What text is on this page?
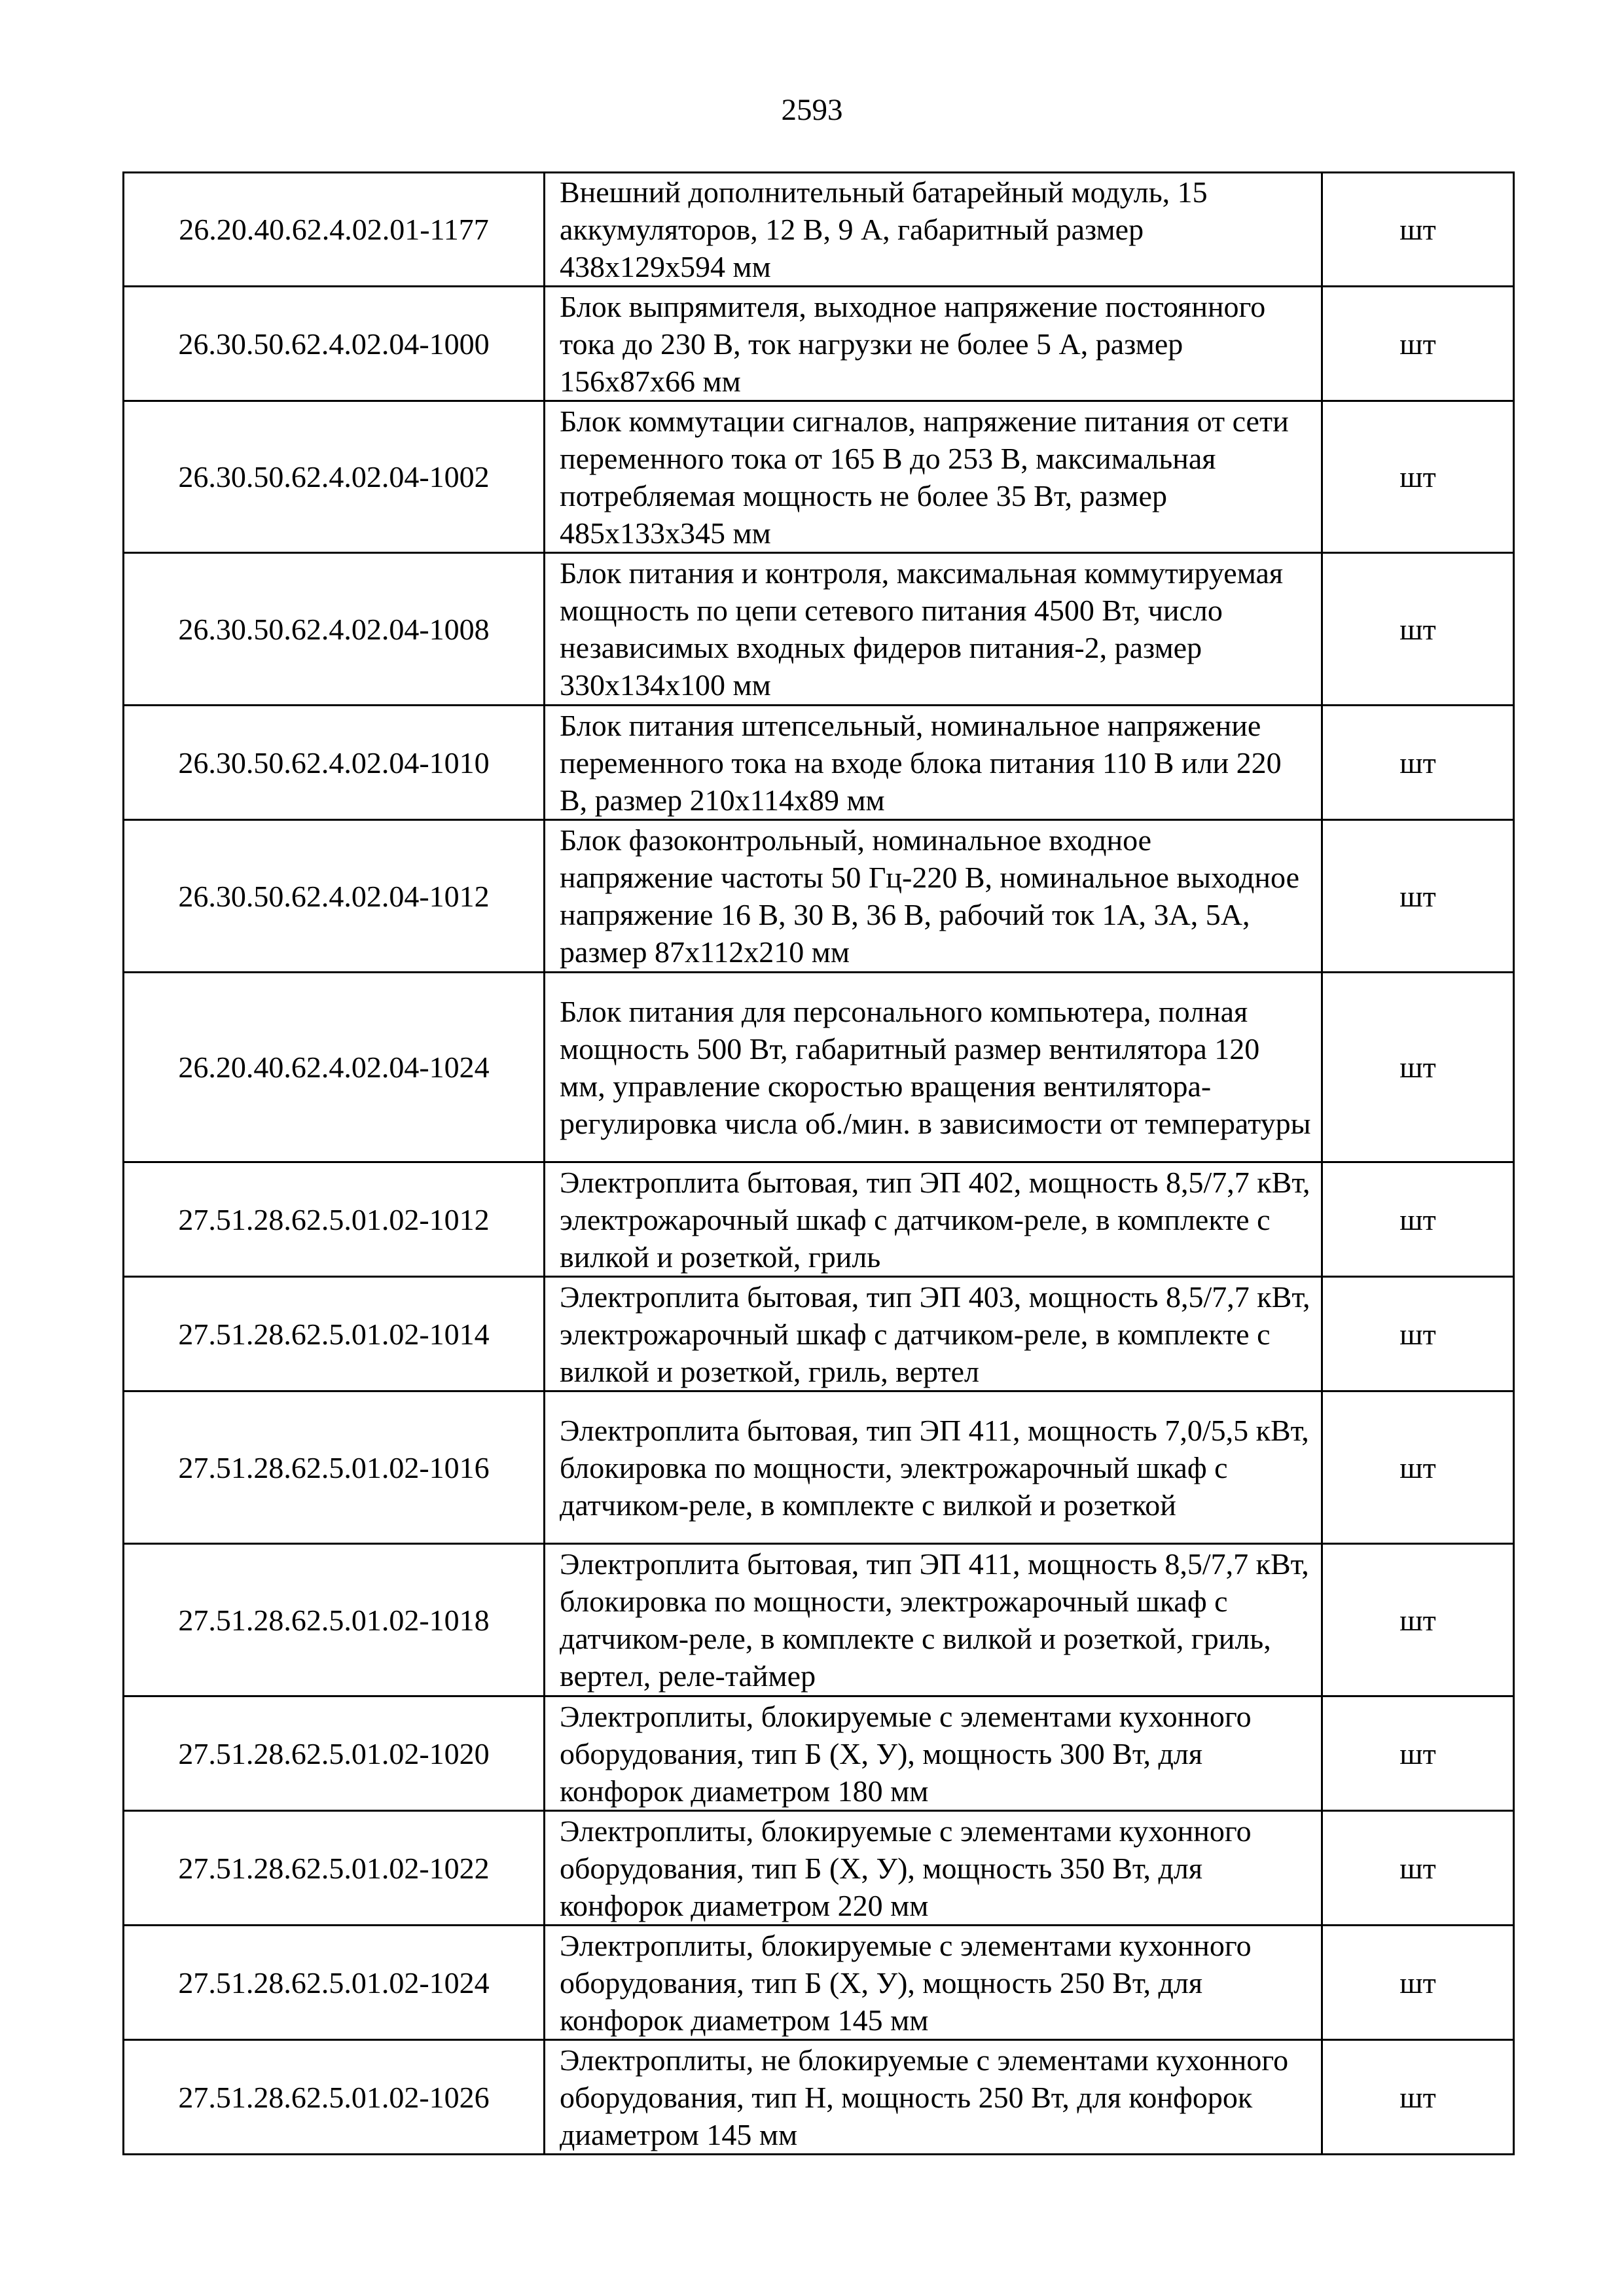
2593
26.20.40.62.4.02.01-1177	Внешний дополнительный батарейный модуль, 15 аккумуляторов, 12 В, 9 А, габаритный размер 438х129х594 мм	шт
26.30.50.62.4.02.04-1000	Блок выпрямителя, выходное напряжение постоянного тока до 230 В, ток нагрузки не более 5 А, размер 156х87х66 мм	шт
26.30.50.62.4.02.04-1002	Блок коммутации сигналов, напряжение питания от сети переменного тока от 165 В до 253 В, максимальная потребляемая мощность не более 35 Вт, размер 485х133х345 мм	шт
26.30.50.62.4.02.04-1008	Блок питания и контроля, максимальная коммутируемая мощность по цепи сетевого питания 4500 Вт, число независимых входных фидеров питания-2, размер 330х134х100 мм	шт
26.30.50.62.4.02.04-1010	Блок питания штепсельный, номинальное напряжение переменного тока на входе блока питания 110 В или 220 В, размер 210х114х89 мм	шт
26.30.50.62.4.02.04-1012	Блок фазоконтрольный, номинальное входное напряжение частоты 50 Гц-220 В, номинальное выходное напряжение 16 В, 30 В, 36 В, рабочий ток 1А, 3А, 5А, размер 87х112х210 мм	шт
26.20.40.62.4.02.04-1024	Блок питания для персонального компьютера, полная мощность 500 Вт, габаритный размер вентилятора 120 мм, управление скоростью вращения вентилятора-регулировка числа об./мин. в зависимости от температуры	шт
27.51.28.62.5.01.02-1012	Электроплита бытовая, тип ЭП 402, мощность 8,5/7,7 кВт, электрожарочный шкаф с датчиком-реле, в комплекте с вилкой и розеткой, гриль	шт
27.51.28.62.5.01.02-1014	Электроплита бытовая, тип ЭП 403, мощность 8,5/7,7 кВт, электрожарочный шкаф с датчиком-реле, в комплекте с вилкой и розеткой, гриль, вертел	шт
27.51.28.62.5.01.02-1016	Электроплита бытовая, тип ЭП 411, мощность 7,0/5,5 кВт, блокировка по мощности, электрожарочный шкаф с датчиком-реле, в комплекте с вилкой и розеткой	шт
27.51.28.62.5.01.02-1018	Электроплита бытовая, тип ЭП 411, мощность 8,5/7,7 кВт, блокировка по мощности, электрожарочный шкаф с датчиком-реле, в комплекте с вилкой и розеткой, гриль, вертел, реле-таймер	шт
27.51.28.62.5.01.02-1020	Электроплиты, блокируемые с элементами кухонного оборудования, тип Б (Х, У), мощность 300 Вт, для конфорок диаметром 180 мм	шт
27.51.28.62.5.01.02-1022	Электроплиты, блокируемые с элементами кухонного оборудования, тип Б (Х, У), мощность 350 Вт, для конфорок диаметром 220 мм	шт
27.51.28.62.5.01.02-1024	Электроплиты, блокируемые с элементами кухонного оборудования, тип Б (Х, У), мощность 250 Вт, для конфорок диаметром 145 мм	шт
27.51.28.62.5.01.02-1026	Электроплиты, не блокируемые с элементами кухонного оборудования, тип Н, мощность 250 Вт, для конфорок диаметром 145 мм	шт
